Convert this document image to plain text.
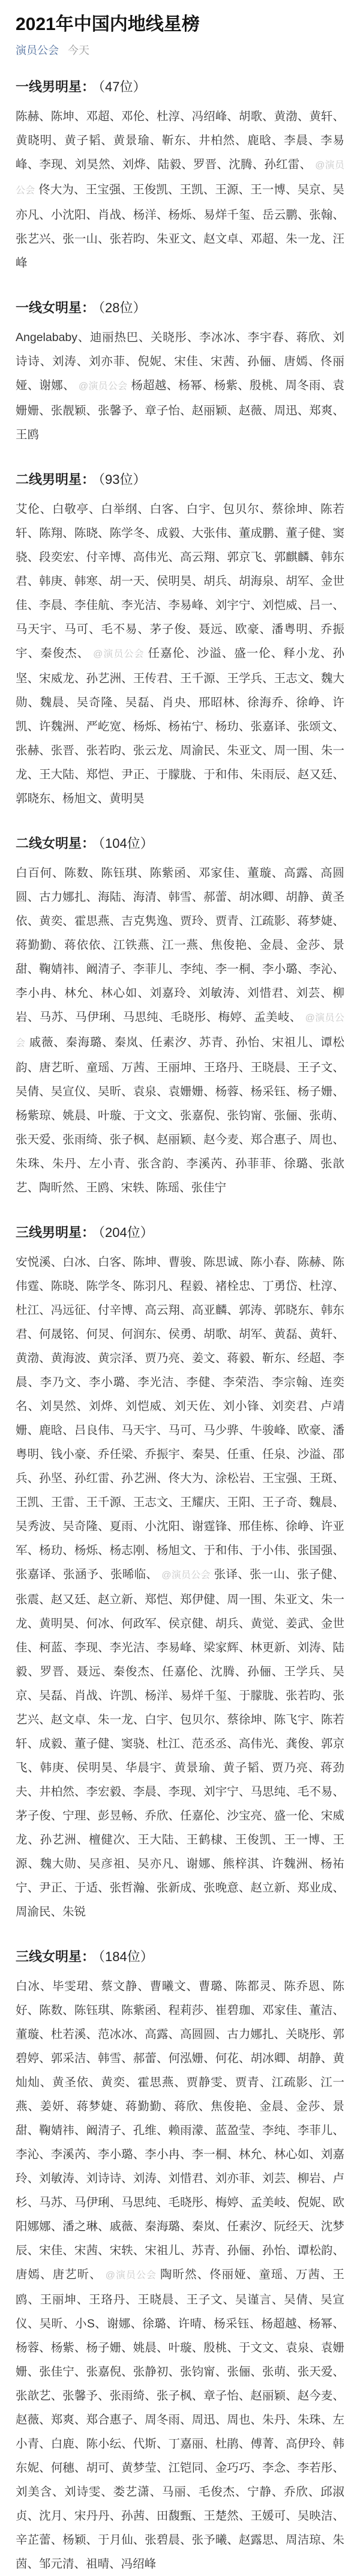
2021年中国内地线星榜
演员公会 今天
一线男明星： （47位）
陈赫、陈坤、邓超、邓伦、杜淳、冯绍峰、胡歌、黄渤、黄轩、黄晓明、黄子韬、黄景瑜、靳东、井柏然、鹿晗、李晨、李易峰、李现、刘昊然、刘烨、陆毅、罗晋、沈腾、孙红雷、 @演员公会 佟大为、王宝强、王俊凯、王凯、王源、王一博、吴京、吴亦凡、小沈阳、肖战、杨洋、杨烁、易烊千玺、岳云鹏、张翰、张艺兴、张一山、张若昀、朱亚文、赵文卓、邓超、朱一龙、汪峰
一线女明星： （28位）
Angelababy、迪丽热巴、关晓彤、李冰冰、李宇春、蒋欣、刘诗诗、刘涛、刘亦菲、倪妮、宋佳、宋茜、孙俪、唐嫣、佟丽娅、谢娜、 @演员公会 杨超越、杨幂、杨紫、殷桃、周冬雨、袁姗姗、张靓颖、张馨予、章子怡、赵丽颖、赵薇、周迅、郑爽、王鸥
二线男明星： （93位）
艾伦、白敬亭、白举纲、白客、白宇、包贝尔、蔡徐坤、陈若轩、陈翔、陈晓、陈学冬、成毅、大张伟、董成鹏、董子健、窦骁、段奕宏、付辛博、高伟光、高云翔、郭京飞、郭麒麟、韩东君、韩庚、韩寒、胡一天、侯明昊、胡兵、胡海泉、胡军、金世佳、李晨、李佳航、李光洁、李易峰、刘宇宁、刘恺威、吕一、马天宇、马可、毛不易、茅子俊、聂远、欧豪、潘粤明、乔振宇、秦俊杰、 @演员公会 任嘉伦、沙溢、盛一伦、释小龙、孙坚、宋威龙、孙艺洲、王传君、王千源、王学兵、王志文、魏大勋、魏晨、吴奇隆、吴磊、肖央、邢昭林、徐海乔、徐峥、许凯、许魏洲、严屹宽、杨烁、杨祐宁、杨玏、张嘉译、张颂文、张赫、张晋、张若昀、张云龙、周渝民、朱亚文、周一围、朱一龙、王大陆、郑恺、尹正、于朦胧、于和伟、朱雨辰、赵又廷、郭晓东、杨旭文、黄明昊
二线女明星： （104位）
白百何、陈数、陈钰琪、陈紫函、邓家佳、董璇、高露、高圆圆、古力娜扎、海陆、海清、韩雪、郝蕾、胡冰卿、胡静、黄圣依、黄奕、霍思燕、吉克隽逸、贾玲、贾青、江疏影、蒋梦婕、蒋勤勤、蒋依依、江铁燕、江一燕、焦俊艳、金晨、金莎、景甜、鞠婧祎、阚清子、李菲儿、李纯、李一桐、李小璐、李沁、李小冉、林允、林心如、刘嘉玲、刘敏涛、刘惜君、刘芸、柳岩、马苏、马伊琍、马思纯、毛晓彤、梅婷、孟美岐、 @演员公会 戚薇、秦海璐、秦岚、任素汐、苏青、孙怡、宋祖儿、谭松韵、唐艺昕、童瑶、万茜、王丽坤、王珞丹、王晓晨、王子文、吴倩、吴宣仪、吴昕、袁泉、袁姗姗、杨蓉、杨采钰、杨子姗、杨紫琼、姚晨、叶璇、于文文、张嘉倪、张钧甯、张俪、张萌、张天爱、张雨绮、张子枫、赵丽颖、赵今麦、郑合惠子、周也、朱珠、朱丹、左小青、张含韵、李溪芮、孙菲菲、徐璐、张歆艺、陶昕然、王鸥、宋轶、陈瑶、张佳宁
三线男明星： （204位）
安悦溪、白冰、白客、陈坤、曹骏、陈思诚、陈小春、陈赫、陈伟霆、陈晓、陈学冬、陈羽凡、程毅、褚栓忠、丁勇岱、杜淳、杜江、冯远征、付辛博、高云翔、高亚麟、郭涛、郭晓东、韩东君、何晟铭、何炅、何润东、侯勇、胡歌、胡军、黄磊、黄轩、黄渤、黄海波、黄宗泽、贾乃亮、姜文、蒋毅、靳东、经超、李晨、李乃文、李小璐、李光洁、李健、李荣浩、李宗翰、连奕名、刘昊然、刘烨、刘恺威、刘天佐、刘小锋、刘奕君、卢靖姗、鹿晗、吕良伟、马天宇、马可、马少骅、牛骏峰、欧豪、潘粤明、钱小豪、乔任梁、乔振宇、秦昊、任重、任泉、沙溢、邵兵、孙坚、孙红雷、孙艺洲、佟大为、涂松岩、王宝强、王斑、王凯、王雷、王千源、王志文、王耀庆、王阳、王子奇、魏晨、吴秀波、吴奇隆、夏雨、小沈阳、谢霆锋、邢佳栋、徐峥、许亚军、杨玏、杨烁、杨志刚、杨旭文、于和伟、于小伟、张国强、张嘉译、张涵予、张晞临、 @演员公会 张译、张一山、张子健、张震、赵又廷、赵立新、郑恺、郑伊健、周一围、朱亚文、朱一龙、黄明昊、何冰、何政军、侯京健、胡兵、黄觉、姜武、金世佳、柯蓝、李现、李光洁、李易峰、梁家辉、林更新、刘涛、陆毅、罗晋、聂远、秦俊杰、任嘉伦、沈腾、孙俪、王学兵、吴京、吴磊、肖战、许凯、杨洋、易烊千玺、于朦胧、张若昀、张艺兴、赵文卓、朱一龙、白宇、包贝尔、蔡徐坤、陈飞宇、陈若轩、成毅、董子健、窦骁、杜江、范丞丞、高伟光、龚俊、郭京飞、韩庚、侯明昊、华晨宇、黄景瑜、黄子韬、贾乃亮、蒋劲夫、井柏然、李宏毅、李晨、李现、刘宇宁、马思纯、毛不易、茅子俊、宁理、彭昱畅、乔欣、任嘉伦、沙宝亮、盛一伦、宋威龙、孙艺洲、檀健次、王大陆、王鹤棣、王俊凯、王一博、王源、魏大勋、吴彦祖、吴亦凡、谢娜、熊梓淇、许魏洲、杨祐宁、尹正、于适、张哲瀚、张新成、张晚意、赵立新、郑业成、周渝民、朱锐
三线女明星： （184位）
白冰、毕雯珺、蔡文静、曹曦文、曹璐、陈都灵、陈乔恩、陈好、陈数、陈钰琪、陈紫函、程莉莎、崔碧珈、邓家佳、董洁、董璇、杜若溪、范冰冰、高露、高圆圆、古力娜扎、关晓彤、郭碧婷、郭采洁、韩雪、郝蕾、何泓姗、何花、胡冰卿、胡静、黄灿灿、黄圣依、黄奕、霍思燕、贾静雯、贾青、江疏影、江一燕、姜妍、蒋梦婕、蒋勤勤、蒋欣、焦俊艳、金晨、金莎、景甜、鞠婧祎、阚清子、孔维、赖雨濛、蓝盈莹、李纯、李菲儿、李沁、李溪芮、李小璐、李小冉、李一桐、林允、林心如、刘嘉玲、刘敏涛、刘诗诗、刘涛、刘惜君、刘亦菲、刘芸、柳岩、卢杉、马苏、马伊琍、马思纯、毛晓彤、梅婷、孟美岐、倪妮、欧阳娜娜、潘之琳、戚薇、秦海璐、秦岚、任素汐、阮经天、沈梦辰、宋佳、宋茜、宋轶、宋祖儿、苏青、孙俪、孙怡、谭松韵、唐嫣、唐艺昕、 @演员公会 陶昕然、佟丽娅、童瑶、万茜、王鸥、王丽坤、王珞丹、王晓晨、王子文、吴谨言、吴倩、吴宣仪、吴昕、小S、谢娜、徐璐、许晴、杨采钰、杨超越、杨幂、杨蓉、杨紫、杨子姗、姚晨、叶璇、殷桃、于文文、袁泉、袁姗姗、张佳宁、张嘉倪、张静初、张钧甯、张俪、张萌、张天爱、张歆艺、张馨予、张雨绮、张子枫、章子怡、赵丽颖、赵今麦、赵薇、郑爽、郑合惠子、周冬雨、周迅、周也、朱丹、朱珠、左小青、白鹿、陈小纭、代斯、丁嘉丽、杜鹃、傅菁、高伊玲、韩东妮、何穗、胡可、黄梦莹、江铠同、金巧巧、李念、李若彤、刘美含、刘诗雯、娄艺潇、马丽、毛俊杰、宁静、乔欣、邱淑贞、沈月、宋丹丹、孙茜、田馥甄、王楚然、王媛可、吴映洁、辛芷蕾、杨颖、于月仙、张碧晨、张予曦、赵露思、周洁琼、朱茵、邹元清、祖晴、冯绍峰
